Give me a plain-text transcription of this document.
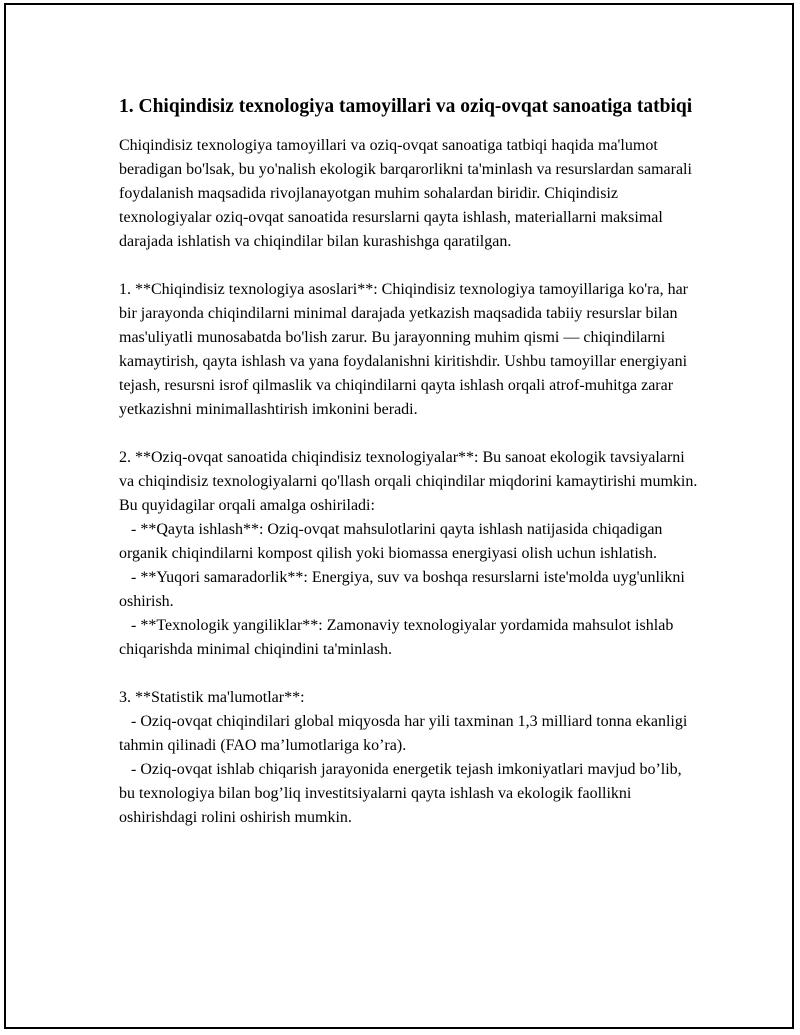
1. Chiqindisiz texnologiya tamoyillari va oziq-ovqat sanoatiga tatbiqi

Chiqindisiz texnologiya tamoyillari va oziq-ovqat sanoatiga tatbiqi haqida ma'lumot beradigan bo'lsak, bu yo'nalish ekologik barqarorlikni ta'minlash va resurslardan samarali foydalanish maqsadida rivojlanayotgan muhim sohalardan biridir. Chiqindisiz texnologiyalar oziq-ovqat sanoatida resurslarni qayta ishlash, materiallarni maksimal darajada ishlatish va chiqindilar bilan kurashishga qaratilgan.

1. **Chiqindisiz texnologiya asoslari**: Chiqindisiz texnologiya tamoyillariga ko'ra, har bir jarayonda chiqindilarni minimal darajada yetkazish maqsadida tabiiy resurslar bilan mas'uliyatli munosabatda bo'lish zarur. Bu jarayonning muhim qismi — chiqindilarni kamaytirish, qayta ishlash va yana foydalanishni kiritishdir. Ushbu tamoyillar energiyani tejash, resursni isrof qilmaslik va chiqindilarni qayta ishlash orqali atrof-muhitga zarar yetkazishni minimallashtirish imkonini beradi.

2. **Oziq-ovqat sanoatida chiqindisiz texnologiyalar**: Bu sanoat ekologik tavsiyalarni va chiqindisiz texnologiyalarni qo'llash orqali chiqindilar miqdorini kamaytirishi mumkin. Bu quyidagilar orqali amalga oshiriladi:

- **Qayta ishlash**: Oziq-ovqat mahsulotlarini qayta ishlash natijasida chiqadigan organik chiqindilarni kompost qilish yoki biomassa energiyasi olish uchun ishlatish.

- **Yuqori samaradorlik**: Energiya, suv va boshqa resurslarni iste'molda uyg'unlikni oshirish.

- **Texnologik yangiliklar**: Zamonaviy texnologiyalar yordamida mahsulot ishlab chiqarishda minimal chiqindini ta'minlash.

3. **Statistik ma'lumotlar**:

- Oziq-ovqat chiqindilari global miqyosda har yili taxminan 1,3 milliard tonna ekanligi tahmin qilinadi (FAO ma’lumotlariga ko’ra).

- Oziq-ovqat ishlab chiqarish jarayonida energetik tejash imkoniyatlari mavjud bo’lib, bu texnologiya bilan bog’liq investitsiyalarni qayta ishlash va ekologik faollikni oshirishdagi rolini oshirish mumkin.
